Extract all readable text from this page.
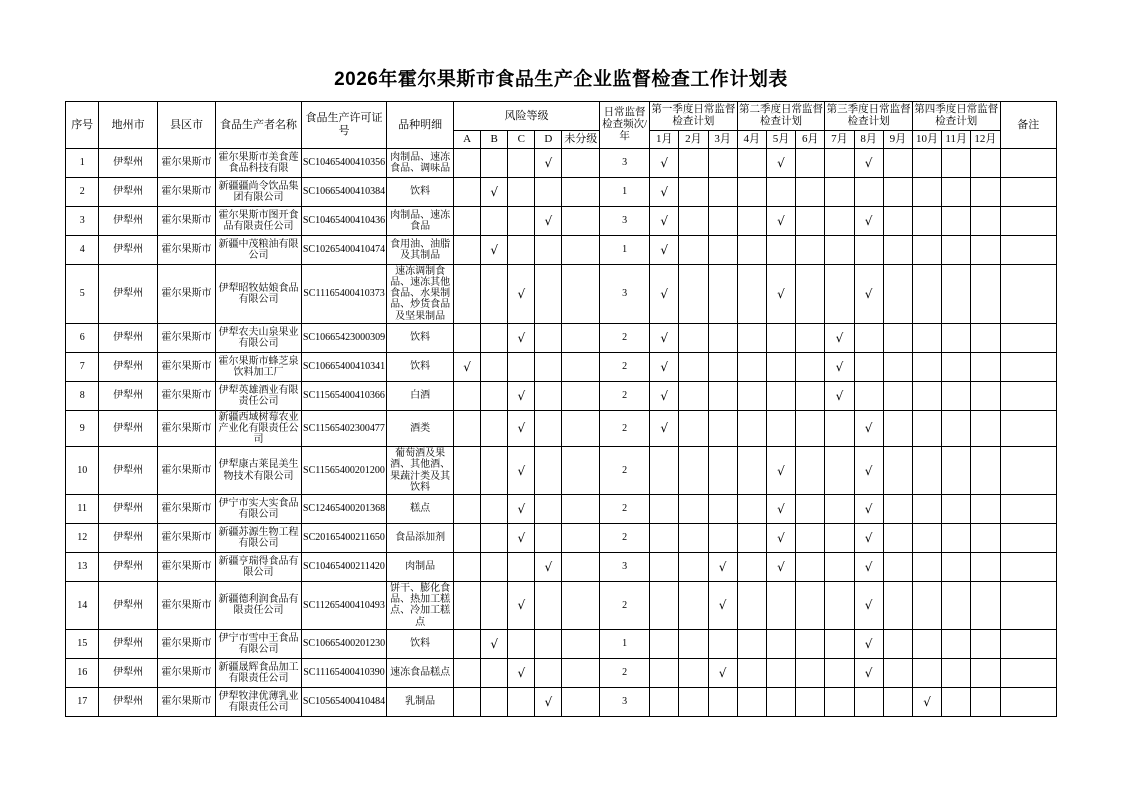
2026年霍尔果斯市食品生产企业监督检查工作计划表
序号	地州市	县区市	食品生产者名称	食品生产许可证号	品种明细	风险等级					日常监督检查频次/年	第一季度日常监督检查计划			第二季度日常监督检查计划			第三季度日常监督检查计划			第四季度日常监督检查计划			备注
						A	B	C	D	未分级		1月	2月	3月	4月	5月	6月	7月	8月	9月	10月	11月	12月	

1	伊犁州	霍尔果斯市	霍尔果斯市美食莲食品科技有限	SC10465400410356	肉制品、速冻食品、调味品				√		3	√				√			√					
2	伊犁州	霍尔果斯市	新疆疆尚令饮品集团有限公司	SC10665400410384	饮料		√				1	√												
3	伊犁州	霍尔果斯市	霍尔果斯市图开食品有限责任公司	SC10465400410436	肉制品、速冻食品				√		3	√				√			√					
4	伊犁州	霍尔果斯市	新疆中茂粮油有限公司	SC10265400410474	食用油、油脂及其制品		√				1	√												
5	伊犁州	霍尔果斯市	伊犁昭牧姑娘食品有限公司	SC11165400410373	速冻调制食品、速冻其他食品、水果制品、炒货食品及坚果制品			√			3	√				√			√					
6	伊犁州	霍尔果斯市	伊犁农夫山泉果业有限公司	SC10665423000309	饮料			√			2	√						√						
7	伊犁州	霍尔果斯市	霍尔果斯市蜂芝泉饮料加工厂	SC10665400410341	饮料	√					2	√						√						
8	伊犁州	霍尔果斯市	伊犁英雄酒业有限责任公司	SC11565400410366	白酒			√			2	√						√						
9	伊犁州	霍尔果斯市	新疆西域树莓农业产业化有限责任公司	SC11565402300477	酒类			√			2	√							√					
10	伊犁州	霍尔果斯市	伊犁康古莱昆美生物技术有限公司	SC11565400201200	葡萄酒及果酒、其他酒、果蔬汁类及其饮料			√			2					√			√					
11	伊犁州	霍尔果斯市	伊宁市实大实食品有限公司	SC12465400201368	糕点			√			2					√			√					
12	伊犁州	霍尔果斯市	新疆苏源生物工程有限公司	SC20165400211650	食品添加剂			√			2					√			√					
13	伊犁州	霍尔果斯市	新疆亨瑞得食品有限公司	SC10465400211420	肉制品				√		3			√		√			√					
14	伊犁州	霍尔果斯市	新疆德利润食品有限责任公司	SC11265400410493	饼干、膨化食品、热加工糕点、冷加工糕点			√			2			√					√					
15	伊犁州	霍尔果斯市	伊宁市雪中王食品有限公司	SC10665400201230	饮料		√				1								√					
16	伊犁州	霍尔果斯市	新疆晟辉食品加工有限责任公司	SC11165400410390	速冻食品糕点			√			2			√					√					
17	伊犁州	霍尔果斯市	伊犁牧津优薄乳业有限责任公司	SC10565400410484	乳制品				√		3										√			
